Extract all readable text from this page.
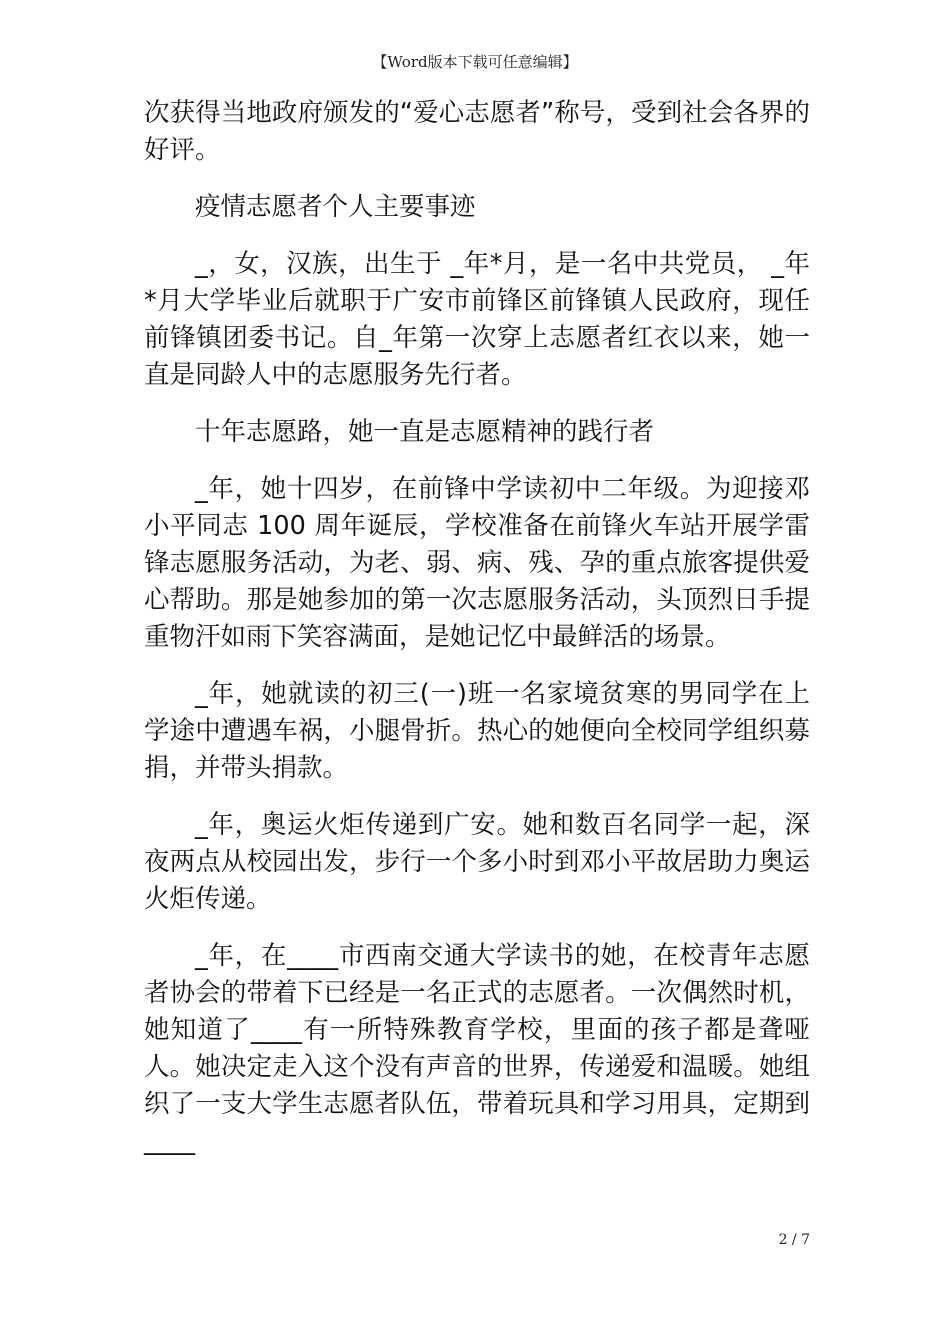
【Word版本下载可任意编辑】

次获得当地政府颁发的“爱心志愿者”称号，受到社会各界的好评。

疫情志愿者个人主要事迹

_，女，汉族，出生于 _年*月，是一名中共党员， _年*月大学毕业后就职于广安市前锋区前锋镇人民政府，现任前锋镇团委书记。自_年第一次穿上志愿者红衣以来，她一直是同龄人中的志愿服务先行者。

十年志愿路，她一直是志愿精神的践行者

_年，她十四岁，在前锋中学读初中二年级。为迎接邓小平同志 100 周年诞辰，学校准备在前锋火车站开展学雷锋志愿服务活动，为老、弱、病、残、孕的重点旅客提供爱心帮助。那是她参加的第一次志愿服务活动，头顶烈日手提重物汗如雨下笑容满面，是她记忆中最鲜活的场景。

_年，她就读的初三(一)班一名家境贫寒的男同学在上学途中遭遇车祸，小腿骨折。热心的她便向全校同学组织募捐，并带头捐款。

_年，奥运火炬传递到广安。她和数百名同学一起，深夜两点从校园出发，步行一个多小时到邓小平故居助力奥运火炬传递。

_年，在____市西南交通大学读书的她，在校青年志愿者协会的带着下已经是一名正式的志愿者。一次偶然时机，她知道了____有一所特殊教育学校，里面的孩子都是聋哑人。她决定走入这个没有声音的世界，传递爱和温暖。她组织了一支大学生志愿者队伍，带着玩具和学习用具，定期到 ____

2 / 7
